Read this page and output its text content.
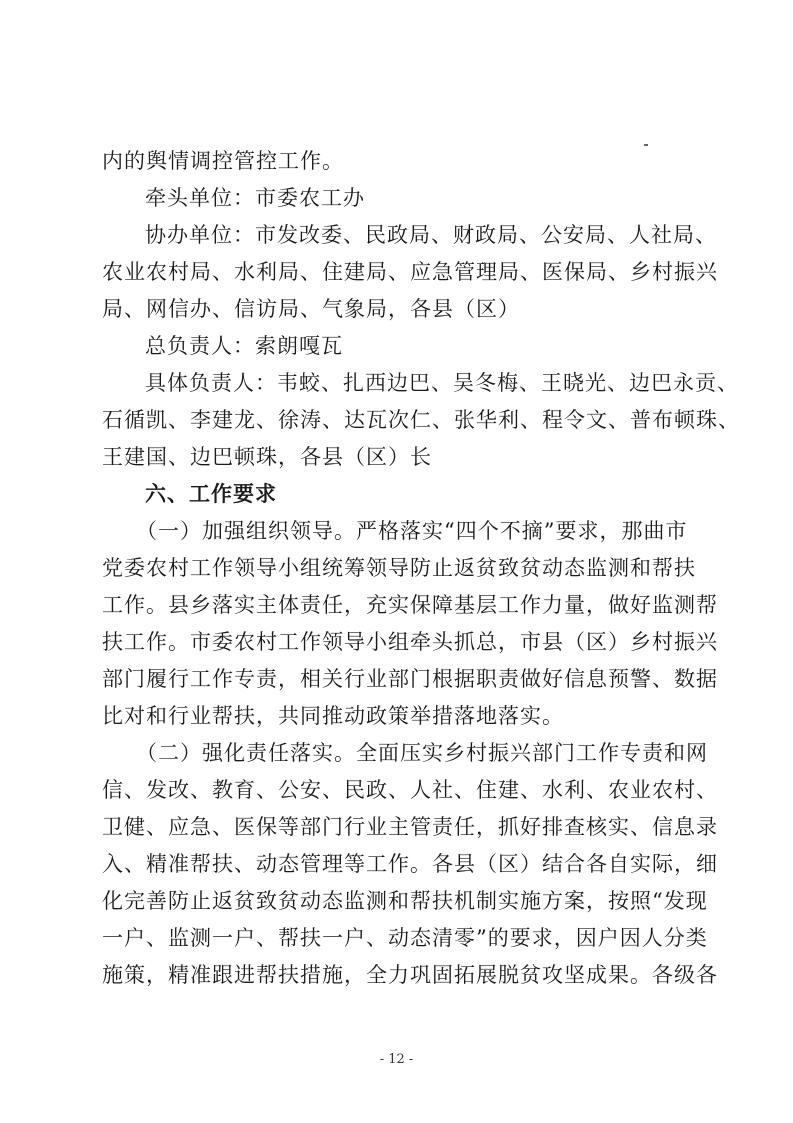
内的舆情调控管控工作。
牵头单位：市委农工办
协办单位：市发改委、民政局、财政局、公安局、人社局、
农业农村局、水利局、住建局、应急管理局、医保局、乡村振兴
局、网信办、信访局、气象局，各县（区）
总负责人：索朗嘎瓦
具体负责人：韦蛟、扎西边巴、吴冬梅、王晓光、边巴永贡、
石循凯、李建龙、徐涛、达瓦次仁、张华利、程令文、普布顿珠、
王建国、边巴顿珠，各县（区）长
六、工作要求
（一）加强组织领导。严格落实“四个不摘”要求，那曲市
党委农村工作领导小组统筹领导防止返贫致贫动态监测和帮扶
工作。县乡落实主体责任，充实保障基层工作力量，做好监测帮
扶工作。市委农村工作领导小组牵头抓总，市县（区）乡村振兴
部门履行工作专责，相关行业部门根据职责做好信息预警、数据
比对和行业帮扶，共同推动政策举措落地落实。
（二）强化责任落实。全面压实乡村振兴部门工作专责和网
信、发改、教育、公安、民政、人社、住建、水利、农业农村、
卫健、应急、医保等部门行业主管责任，抓好排查核实、信息录
入、精准帮扶、动态管理等工作。各县（区）结合各自实际，细
化完善防止返贫致贫动态监测和帮扶机制实施方案，按照“发现
一户、监测一户、帮扶一户、动态清零”的要求，因户因人分类
施策，精准跟进帮扶措施，全力巩固拓展脱贫攻坚成果。各级各
- 12 -
